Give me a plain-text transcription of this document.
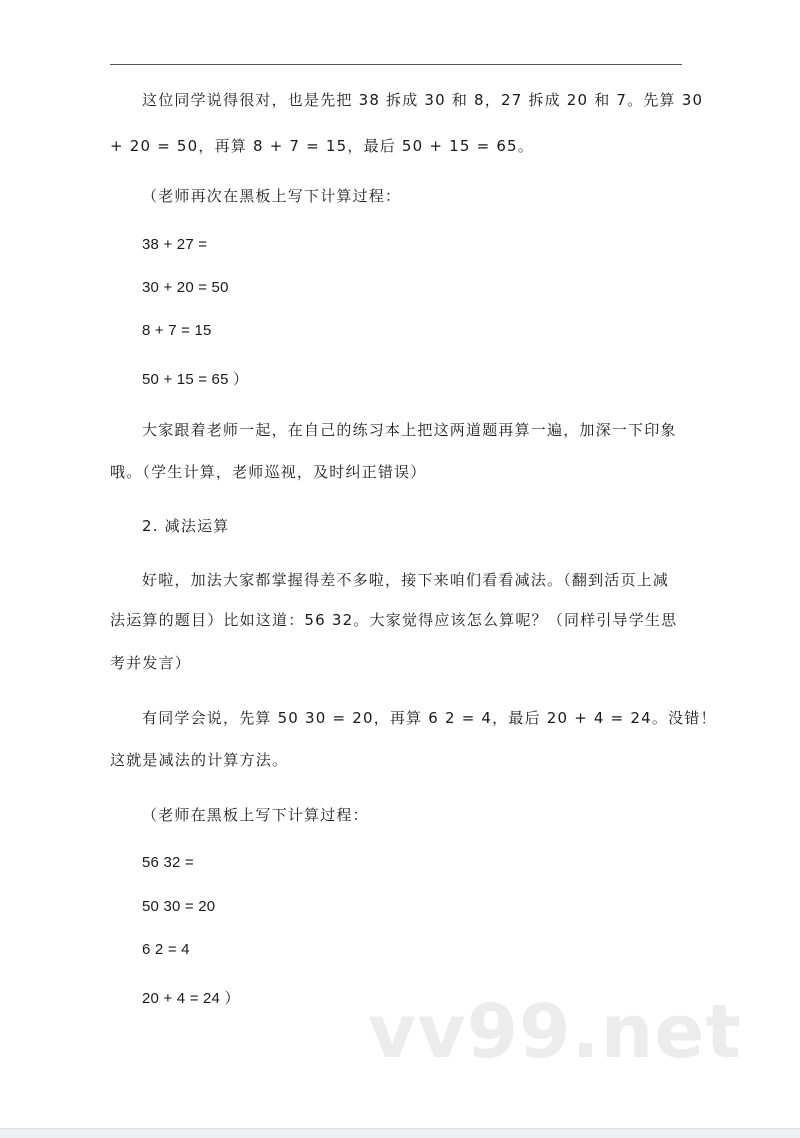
这位同学说得很对，也是先把 38 拆成 30 和 8，27 拆成 20 和 7。先算 30
+ 20 = 50，再算 8 + 7 = 15，最后 50 + 15 = 65。
（老师再次在黑板上写下计算过程：
38 + 27 =
30 + 20 = 50
8 + 7 = 15
50 + 15 = 65 ）
大家跟着老师一起，在自己的练习本上把这两道题再算一遍，加深一下印象
哦。（学生计算，老师巡视，及时纠正错误）
2. 减法运算
好啦，加法大家都掌握得差不多啦，接下来咱们看看减法。（翻到活页上减
法运算的题目）比如这道：56 32。大家觉得应该怎么算呢？（同样引导学生思
考并发言）
有同学会说，先算 50 30 = 20，再算 6 2 = 4，最后 20 + 4 = 24。没错！
这就是减法的计算方法。
（老师在黑板上写下计算过程：
56 32 =
50 30 = 20
6 2 = 4
20 + 4 = 24 ） vv99.net
